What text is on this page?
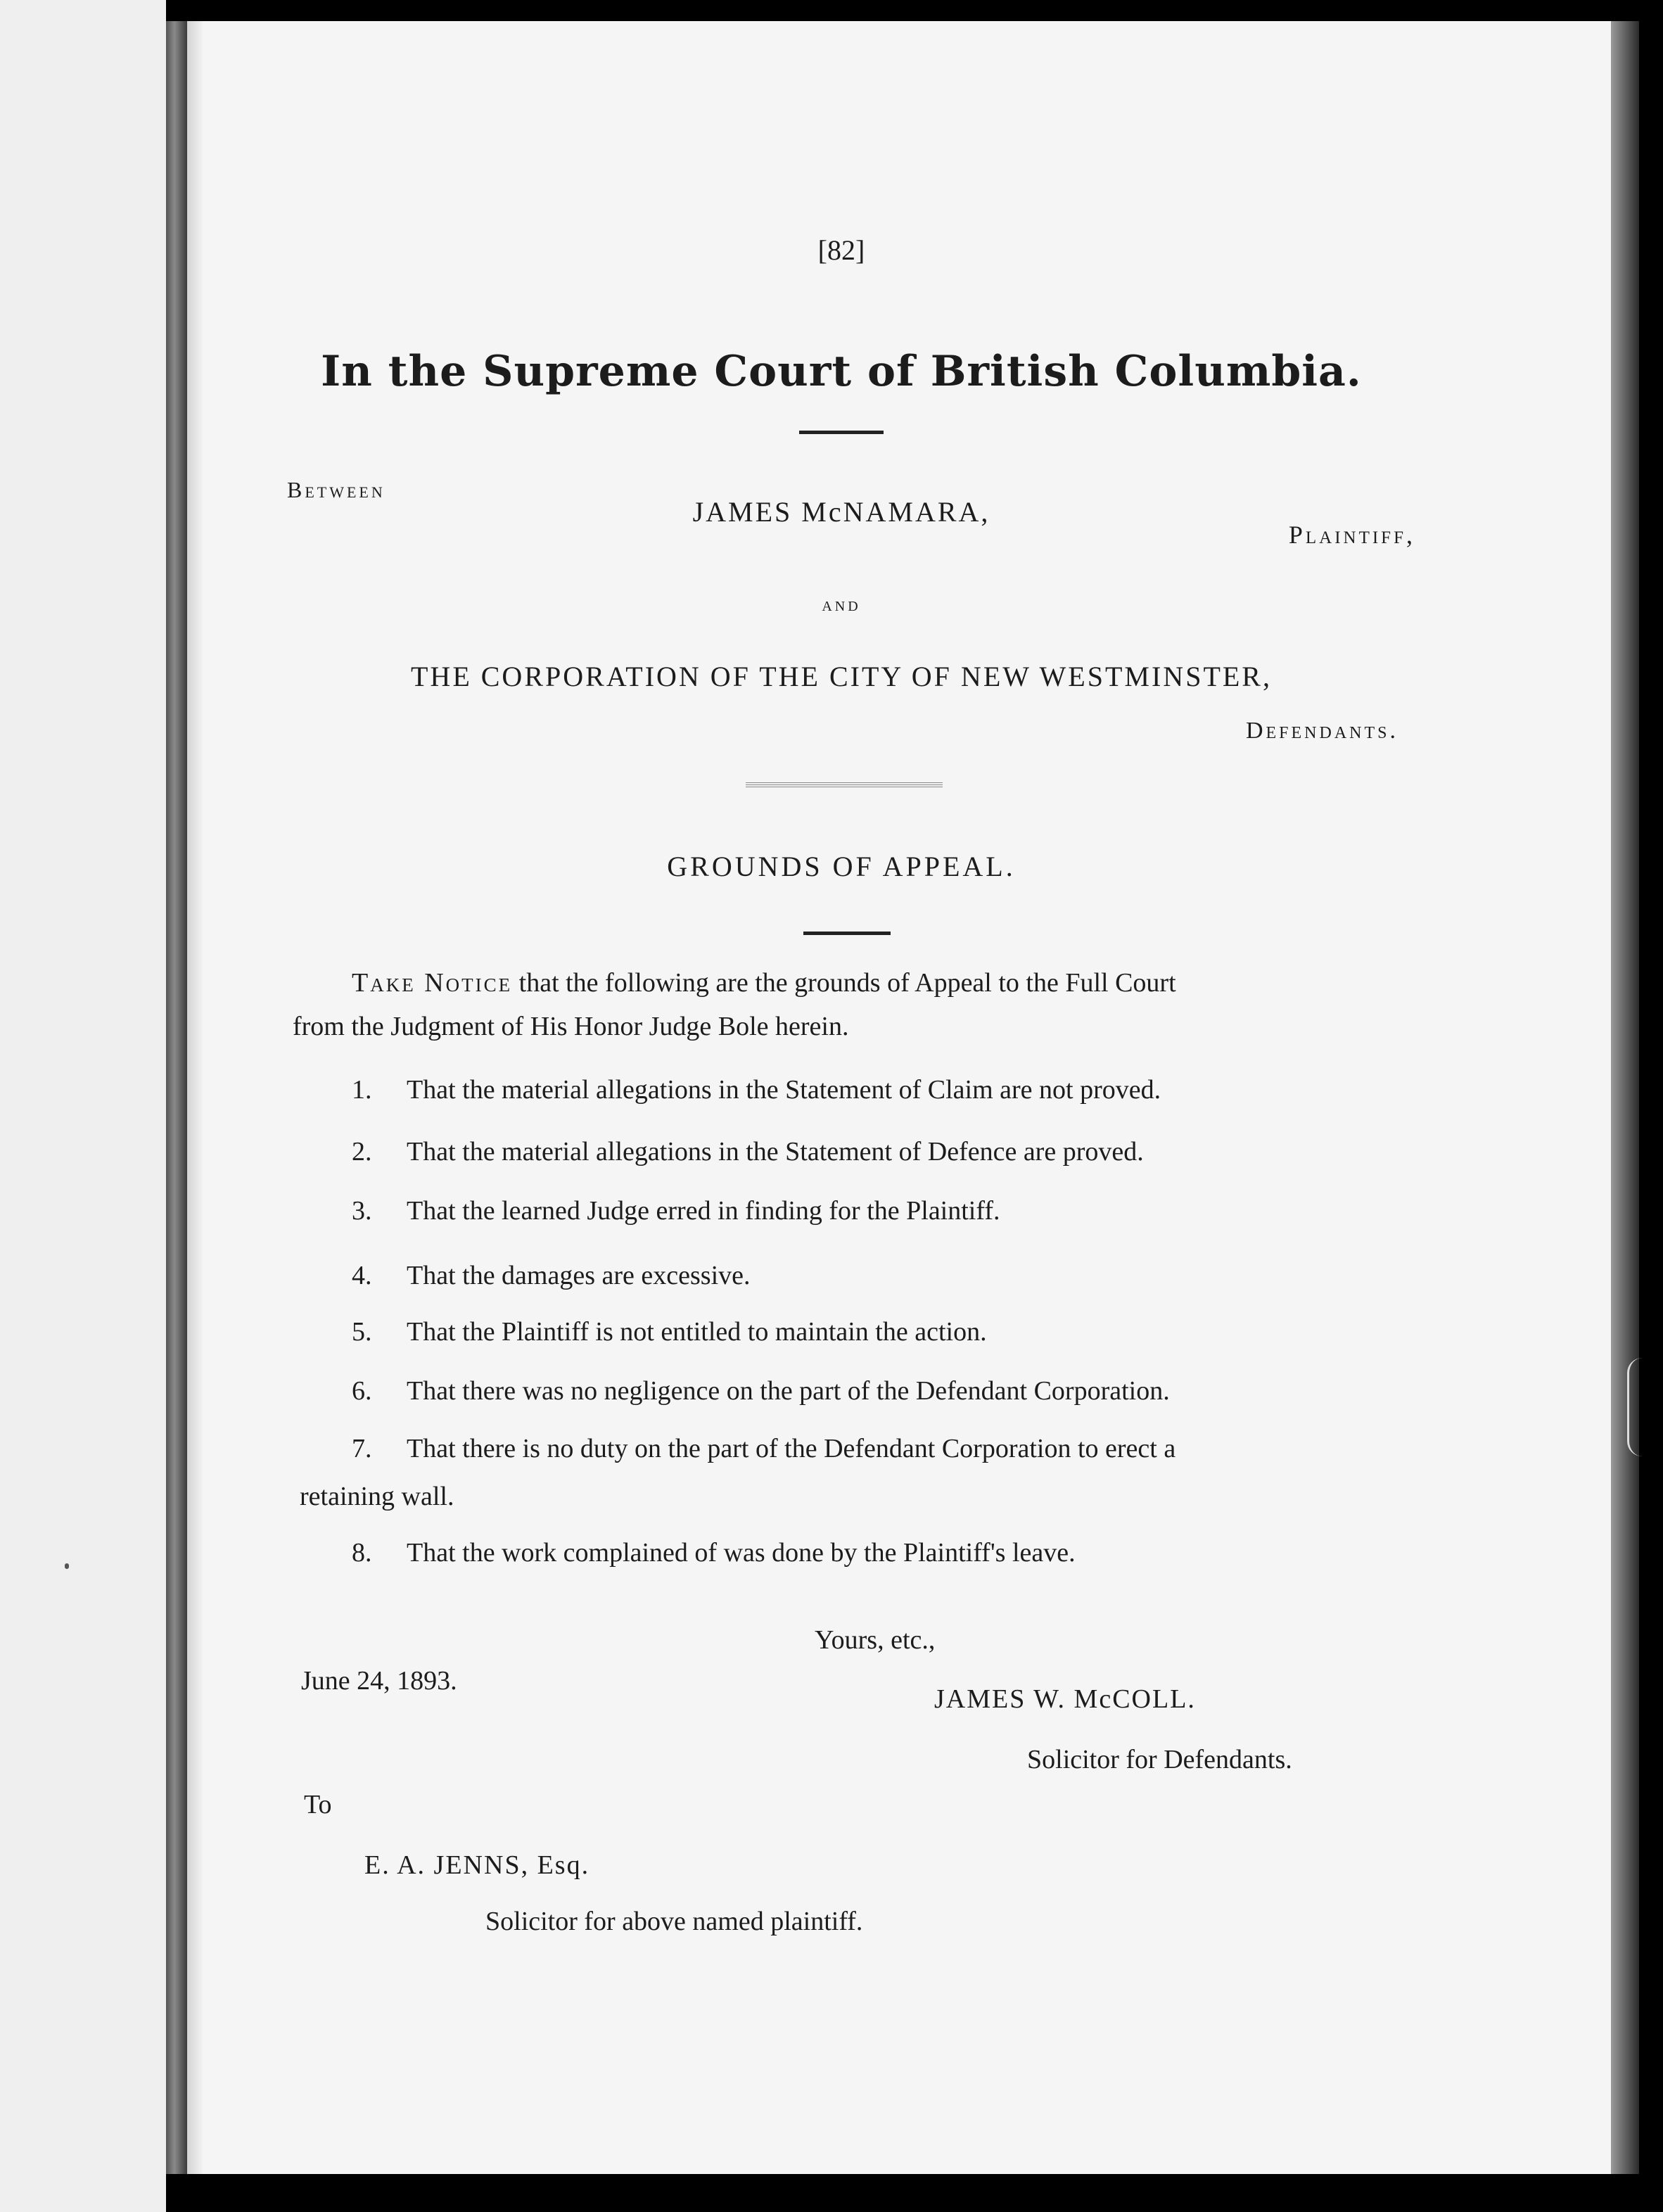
[82]
In the Supreme Court of British Columbia.
Between
JAMES McNAMARA,
Plaintiff,
and
THE CORPORATION OF THE CITY OF NEW WESTMINSTER,
Defendants.
GROUNDS OF APPEAL.
Take Notice that the following are the grounds of Appeal to the Full Court
from the Judgment of His Honor Judge Bole herein.
1. That the material allegations in the Statement of Claim are not proved.
2. That the material allegations in the Statement of Defence are proved.
3. That the learned Judge erred in finding for the Plaintiff.
4. That the damages are excessive.
5. That the Plaintiff is not entitled to maintain the action.
6. That there was no negligence on the part of the Defendant Corporation.
7. That there is no duty on the part of the Defendant Corporation to erect a
retaining wall.
8. That the work complained of was done by the Plaintiff's leave.
Yours, etc.,
June 24, 1893.
JAMES W. McCOLL.
Solicitor for Defendants.
To
E. A. JENNS, Esq.
Solicitor for above named plaintiff.
